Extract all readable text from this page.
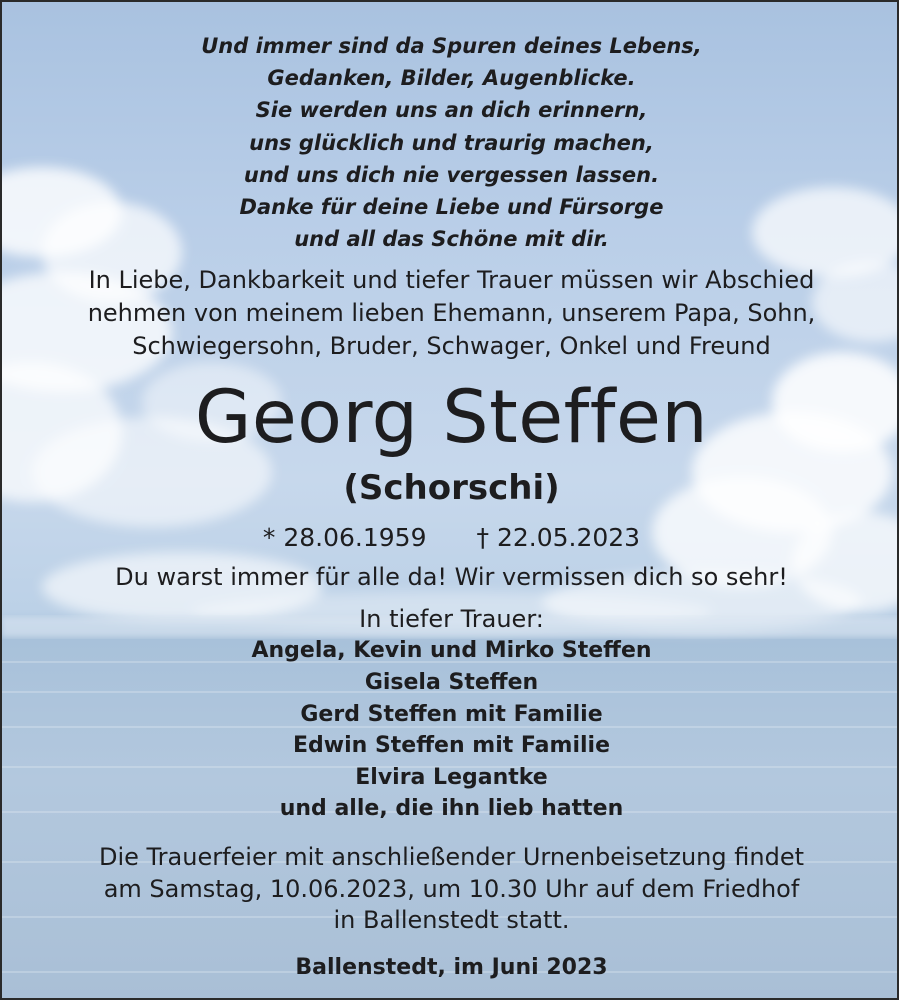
Und immer sind da Spuren deines Lebens,

Gedanken, Bilder, Augenblicke.

Sie werden uns an dich erinnern,

uns glücklich und traurig machen,

und uns dich nie vergessen lassen.

Danke für deine Liebe und Fürsorge

und all das Schöne mit dir.

In Liebe, Dankbarkeit und tiefer Trauer müssen wir Abschied

nehmen von meinem lieben Ehemann, unserem Papa, Sohn,

Schwiegersohn, Bruder, Schwager, Onkel und Freund

Georg Steffen

(Schorschi)

* 28.06.1959 † 22.05.2023

Du warst immer für alle da! Wir vermissen dich so sehr!

In tiefer Trauer:

Angela, Kevin und Mirko Steffen

Gisela Steffen

Gerd Steffen mit Familie

Edwin Steffen mit Familie

Elvira Legantke

und alle, die ihn lieb hatten

Die Trauerfeier mit anschließender Urnenbeisetzung findet

am Samstag, 10.06.2023, um 10.30 Uhr auf dem Friedhof

in Ballenstedt statt.

Ballenstedt, im Juni 2023
